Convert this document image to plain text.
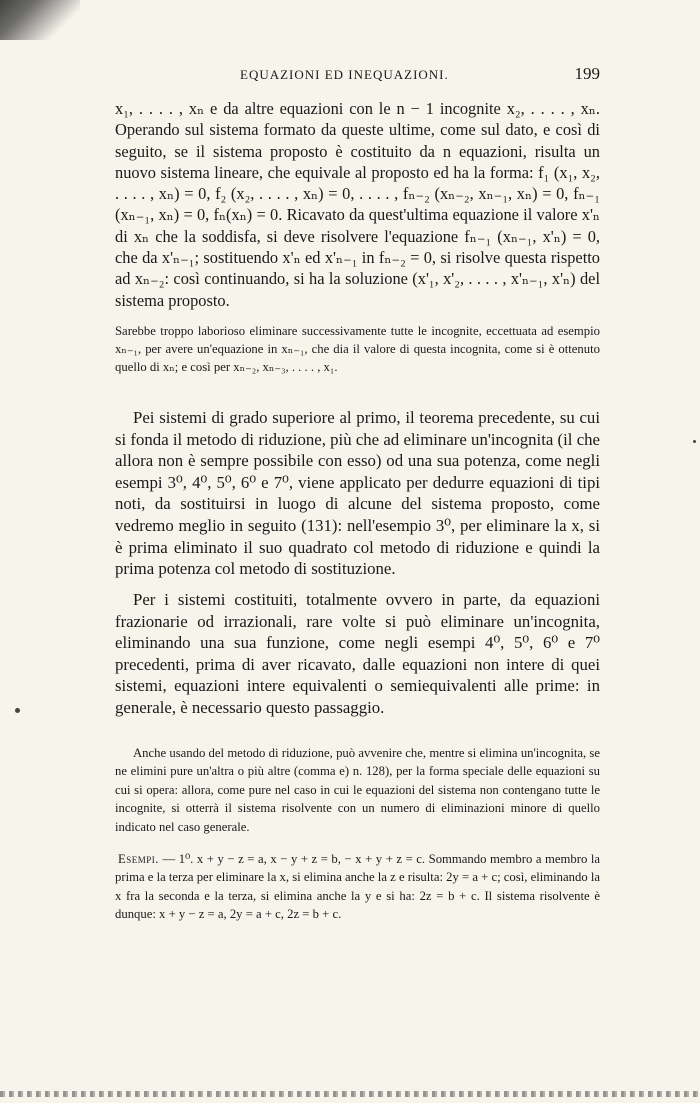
EQUAZIONI ED INEQUAZIONI.	199

x₁, . . . . , xₙ e da altre equazioni con le n − 1 incognite x₂, . . . . , xₙ. Operando sul sistema formato da queste ultime, come sul dato, e così di seguito, se il sistema proposto è costituito da n equazioni, risulta un nuovo sistema lineare, che equivale al proposto ed ha la forma: f₁ (x₁, x₂, . . . . , xₙ) = 0, f₂ (x₂, . . . . , xₙ) = 0, . . . . , fₙ₋₂ (xₙ₋₂, xₙ₋₁, xₙ) = 0, fₙ₋₁ (xₙ₋₁, xₙ) = 0, fₙ(xₙ) = 0. Ricavato da quest'ultima equazione il valore x'ₙ di xₙ che la soddisfa, si deve risolvere l'equazione fₙ₋₁ (xₙ₋₁, x'ₙ) = 0, che da x'ₙ₋₁; sostituendo x'ₙ ed x'ₙ₋₁ in fₙ₋₂ = 0, si risolve questa rispetto ad xₙ₋₂: così continuando, si ha la soluzione (x'₁, x'₂, . . . . , x'ₙ₋₁, x'ₙ) del sistema proposto.

Sarebbe troppo laborioso eliminare successivamente tutte le incognite, eccettuata ad esempio xₙ₋₁, per avere un'equazione in xₙ₋₁, che dia il valore di questa incognita, come si è ottenuto quello di xₙ; e così per xₙ₋₂, xₙ₋₃, . . . . , x₁.

Pei sistemi di grado superiore al primo, il teorema precedente, su cui si fonda il metodo di riduzione, più che ad eliminare un'incognita (il che allora non è sempre possibile con esso) od una sua potenza, come negli esempi 3⁰, 4⁰, 5⁰, 6⁰ e 7⁰, viene applicato per dedurre equazioni di tipi noti, da sostituirsi in luogo di alcune del sistema proposto, come vedremo meglio in seguito (131): nell'esempio 3⁰, per eliminare la x, si è prima eliminato il suo quadrato col metodo di riduzione e quindi la prima potenza col metodo di sostituzione.

Per i sistemi costituiti, totalmente ovvero in parte, da equazioni frazionarie od irrazionali, rare volte si può eliminare un'incognita, eliminando una sua funzione, come negli esempi 4⁰, 5⁰, 6⁰ e 7⁰ precedenti, prima di aver ricavato, dalle equazioni non intere di quei sistemi, equazioni intere equivalenti o semiequivalenti alle prime: in generale, è necessario questo passaggio.

Anche usando del metodo di riduzione, può avvenire che, mentre si elimina un'incognita, se ne elimini pure un'altra o più altre (comma e) n. 128), per la forma speciale delle equazioni su cui si opera: allora, come pure nel caso in cui le equazioni del sistema non contengano tutte le incognite, si otterrà il sistema risolvente con un numero di eliminazioni minore di quello indicato nel caso generale.

Esempi. — 1⁰. x + y − z = a, x − y + z = b, − x + y + z = c. Sommando membro a membro la prima e la terza per eliminare la x, si elimina anche la z e risulta: 2y = a + c; così, eliminando la x fra la seconda e la terza, si elimina anche la y e si ha: 2z = b + c. Il sistema risolvente è dunque: x + y − z = a, 2y = a + c, 2z = b + c.
